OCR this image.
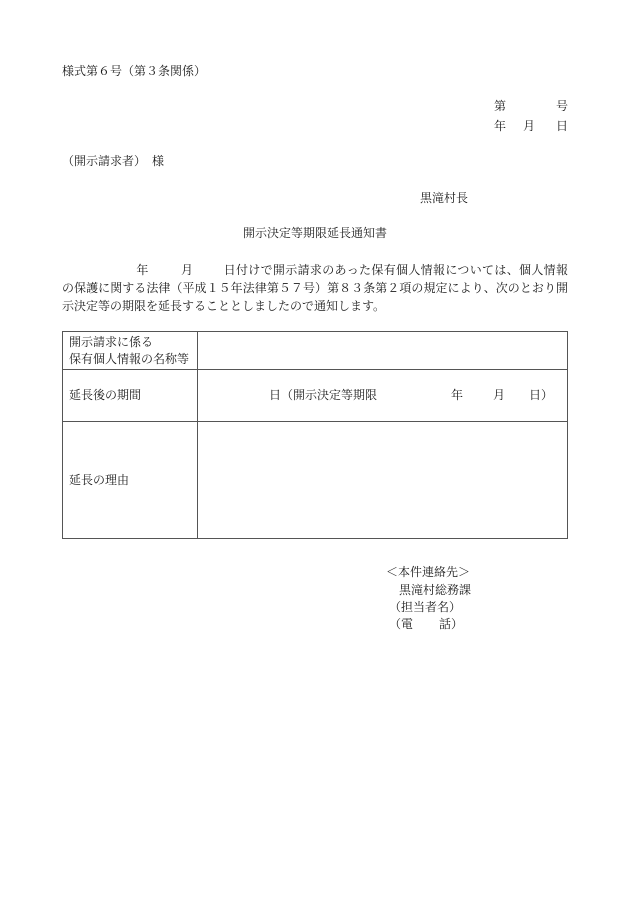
様式第６号（第３条関係）
第	号
年 月 日
（開示請求者）　様
黒滝村長
開示決定等期限延長通知書
年	月	日付けで開示請求のあった保有個人情報については、個人情報の保護に関する法律（平成１５年法律第５７号）第８３条第２項の規定により、次のとおり開示決定等の期限を延長することとしましたので通知します。
開示請求に係る
保有個人情報の名称等	

延長後の期間	日（開示決定等期限 年 月 日）

延長の理由	
＜本件連絡先＞
黒滝村総務課
（担当者名）
（電 話）
